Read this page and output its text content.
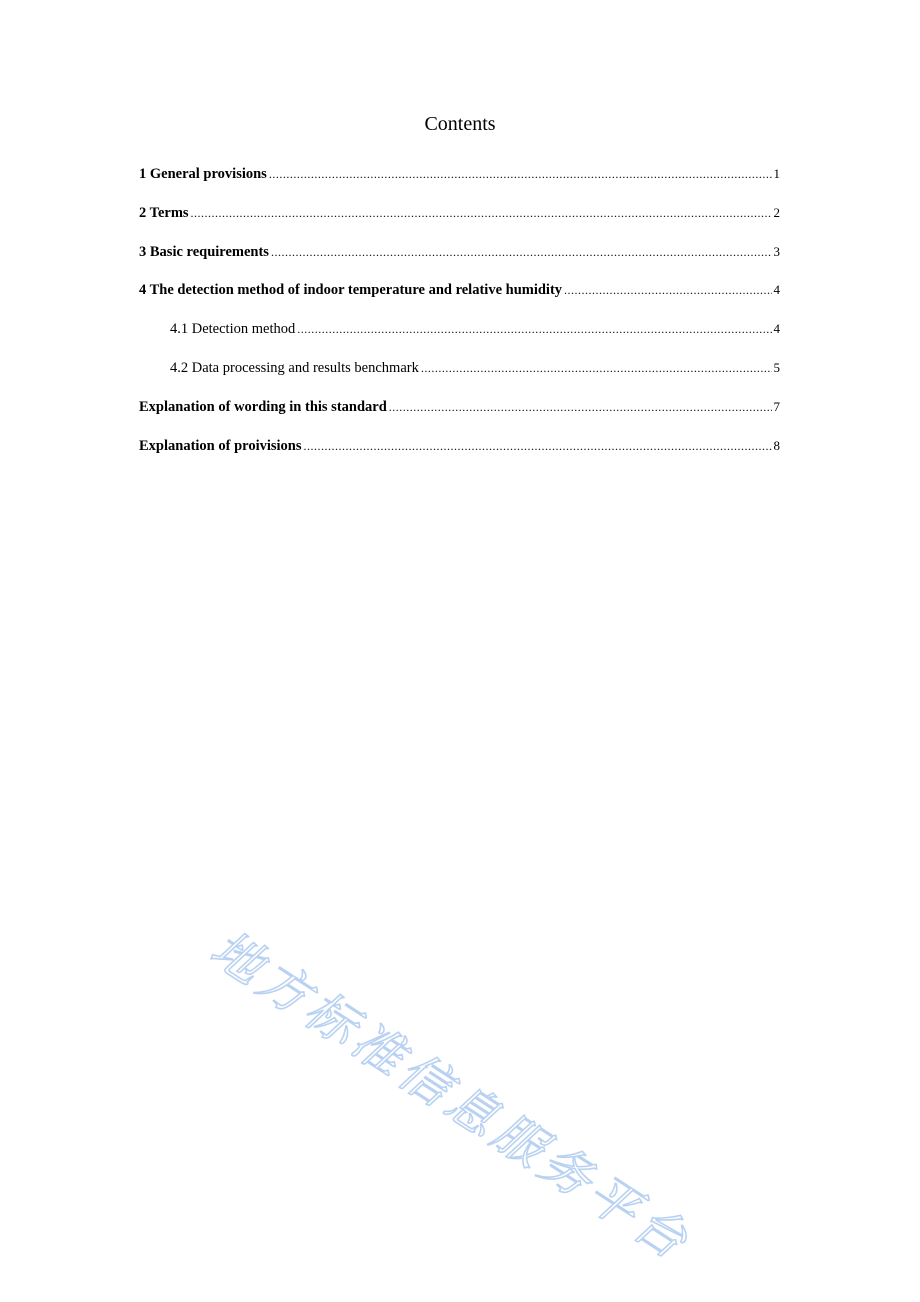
Contents
1 General provisions .....	1
2 Terms .....	2
3 Basic requirements .....	3
4 The detection method of indoor temperature and relative humidity .....	4
4.1 Detection method .....	4
4.2 Data processing and results benchmark .....	5
Explanation of wording in this standard .....	7
Explanation of proivisions .....	8
地方标准信息服务平台
